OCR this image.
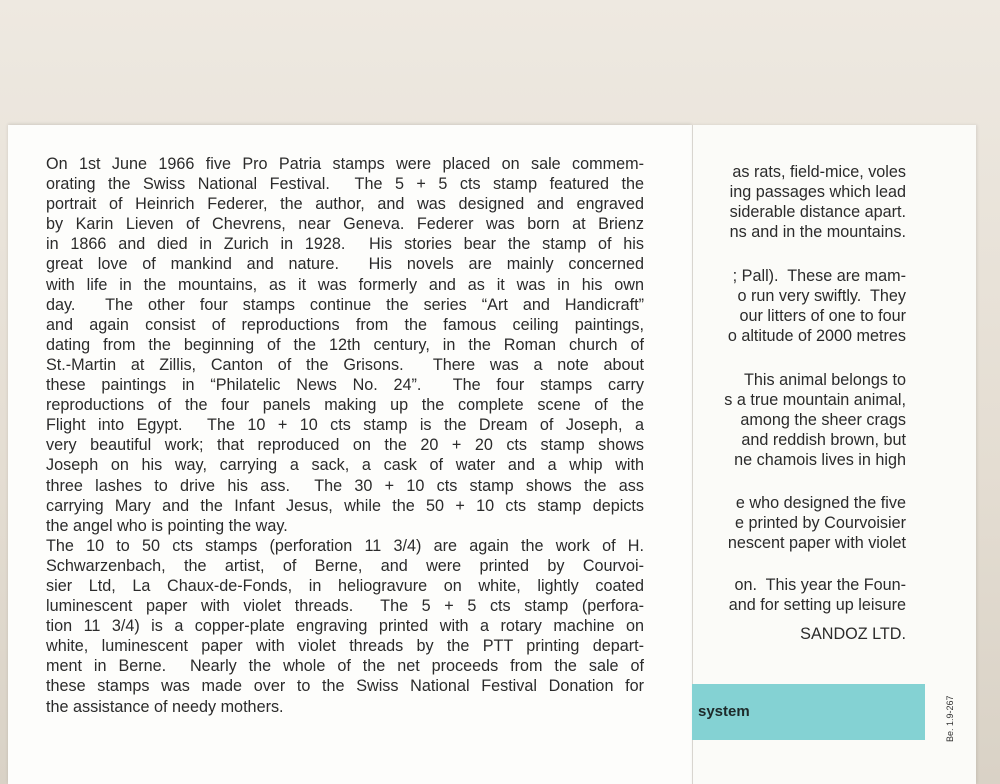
On 1st June 1966 five Pro Patria stamps were placed on sale commem-
orating the Swiss National Festival.  The 5 + 5 cts stamp featured the
portrait of Heinrich Federer, the author, and was designed and engraved
by Karin Lieven of Chevrens, near Geneva. Federer was born at Brienz
in 1866 and died in Zurich in 1928.  His stories bear the stamp of his
great love of mankind and nature.  His novels are mainly concerned
with life in the mountains, as it was formerly and as it was in his own
day.  The other four stamps continue the series “Art and Handicraft”
and again consist of reproductions from the famous ceiling paintings,
dating from the beginning of the 12th century, in the Roman church of
St.-Martin at Zillis, Canton of the Grisons.  There was a note about
these paintings in “Philatelic News No. 24”.  The four stamps carry
reproductions of the four panels making up the complete scene of the
Flight into Egypt.  The 10 + 10 cts stamp is the Dream of Joseph, a
very beautiful work; that reproduced on the 20 + 20 cts stamp shows
Joseph on his way, carrying a sack, a cask of water and a whip with
three lashes to drive his ass.  The 30 + 10 cts stamp shows the ass
carrying Mary and the Infant Jesus, while the 50 + 10 cts stamp depicts
the angel who is pointing the way.
The 10 to 50 cts stamps (perforation 11 3/4) are again the work of H.
Schwarzenbach, the artist, of Berne, and were printed by Courvoi-
sier Ltd, La Chaux-de-Fonds, in heliogravure on white, lightly coated
luminescent paper with violet threads.  The 5 + 5 cts stamp (perfora-
tion 11 3/4) is a copper-plate engraving printed with a rotary machine on
white, luminescent paper with violet threads by the PTT printing depart-
ment in Berne.  Nearly the whole of the net proceeds from the sale of
these stamps was made over to the Swiss National Festival Donation for
the assistance of needy mothers.
as rats, field-mice, voles
ing passages which lead
siderable distance apart.
ns and in the mountains.
; Pall).  These are mam-
o run very swiftly.  They
our litters of one to four
o altitude of 2000 metres
This animal belongs to
s a true mountain animal,
among the sheer crags
and reddish brown, but
ne chamois lives in high
e who designed the five
e printed by Courvoisier
nescent paper with violet
on.  This year the Foun-
and for setting up leisure
SANDOZ LTD.
system
